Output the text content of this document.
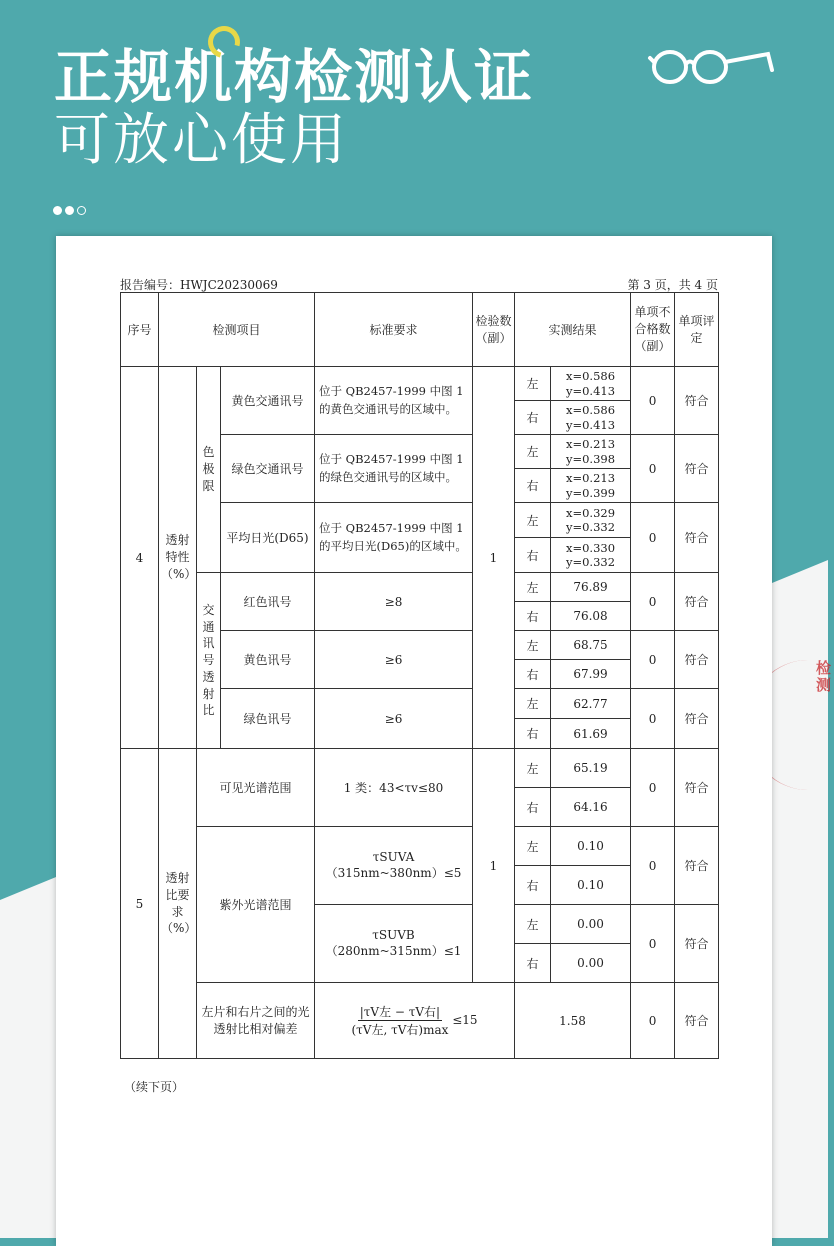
正规机构检测认证
可放心使用
检测
报告编号：HWJC20230069	第 3 页，共 4 页
序号	检测项目			标准要求	检验数（副）	实测结果		单项不合格数（副）	单项评定
4	透射特性（%）	色极限	黄色交通讯号	位于 QB2457-1999 中图 1 的黄色交通讯号的区域中。	1	左	x=0.586 y=0.413	0	符合
						右	x=0.586 y=0.413		
			绿色交通讯号	位于 QB2457-1999 中图 1 的绿色交通讯号的区域中。		左	x=0.213 y=0.398	0	符合
						右	x=0.213 y=0.399		
			平均日光(D65)	位于 QB2457-1999 中图 1 的平均日光(D65)的区域中。		左	x=0.329 y=0.332	0	符合
						右	x=0.330 y=0.332		
		交通讯号透射比	红色讯号	≥8		左	76.89	0	符合
						右	76.08		
			黄色讯号	≥6		左	68.75	0	符合
						右	67.99		
			绿色讯号	≥6		左	62.77	0	符合
						右	61.69		
5	透射比要求（%）	可见光谱范围		1 类：43<τv≤80	1	左	65.19	0	符合
						右	64.16		
		紫外光谱范围		τSUVA（315nm~380nm）≤5		左	0.10	0	符合
						右	0.10		
				τSUVB（280nm~315nm）≤1		左	0.00	0	符合
						右	0.00		
		左片和右片之间的光透射比相对偏差		$\frac{\text{|τV左 − τV右|}}{\text{(τV左, τV右)max}} \le 15$		1.58		0	符合
（续下页）
